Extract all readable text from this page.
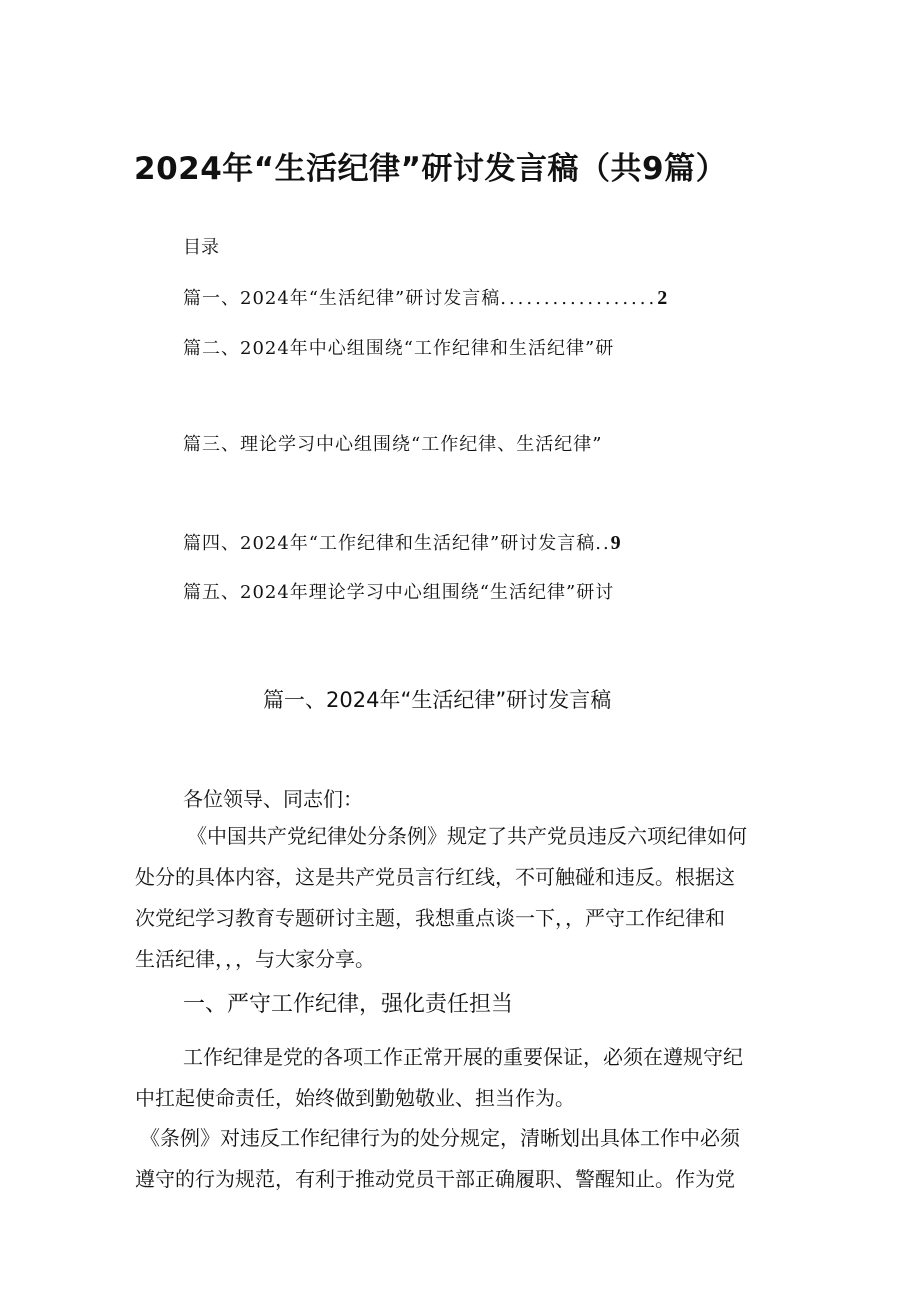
2024年“生活纪律”研讨发言稿（共9篇）
目录
篇一、2024年“生活纪律”研讨发言稿..................2
篇二、2024年中心组围绕“工作纪律和生活纪律”研
篇三、理论学习中心组围绕“工作纪律、生活纪律”
篇四、2024年“工作纪律和生活纪律”研讨发言稿..9
篇五、2024年理论学习中心组围绕“生活纪律”研讨
篇一、2024年“生活纪律”研讨发言稿
各位领导、同志们：

《中国共产党纪律处分条例》规定了共产党员违反六项纪律如何

处分的具体内容，这是共产党员言行红线，不可触碰和违反。根据这

次党纪学习教育专题研讨主题，我想重点谈一下，，严守工作纪律和

生活纪律，，，与大家分享。

一、严守工作纪律，强化责任担当

工作纪律是党的各项工作正常开展的重要保证，必须在遵规守纪

中扛起使命责任，始终做到勤勉敬业、担当作为。

《条例》对违反工作纪律行为的处分规定，清晰划出具体工作中必须

遵守的行为规范，有利于推动党员干部正确履职、警醒知止。作为党
